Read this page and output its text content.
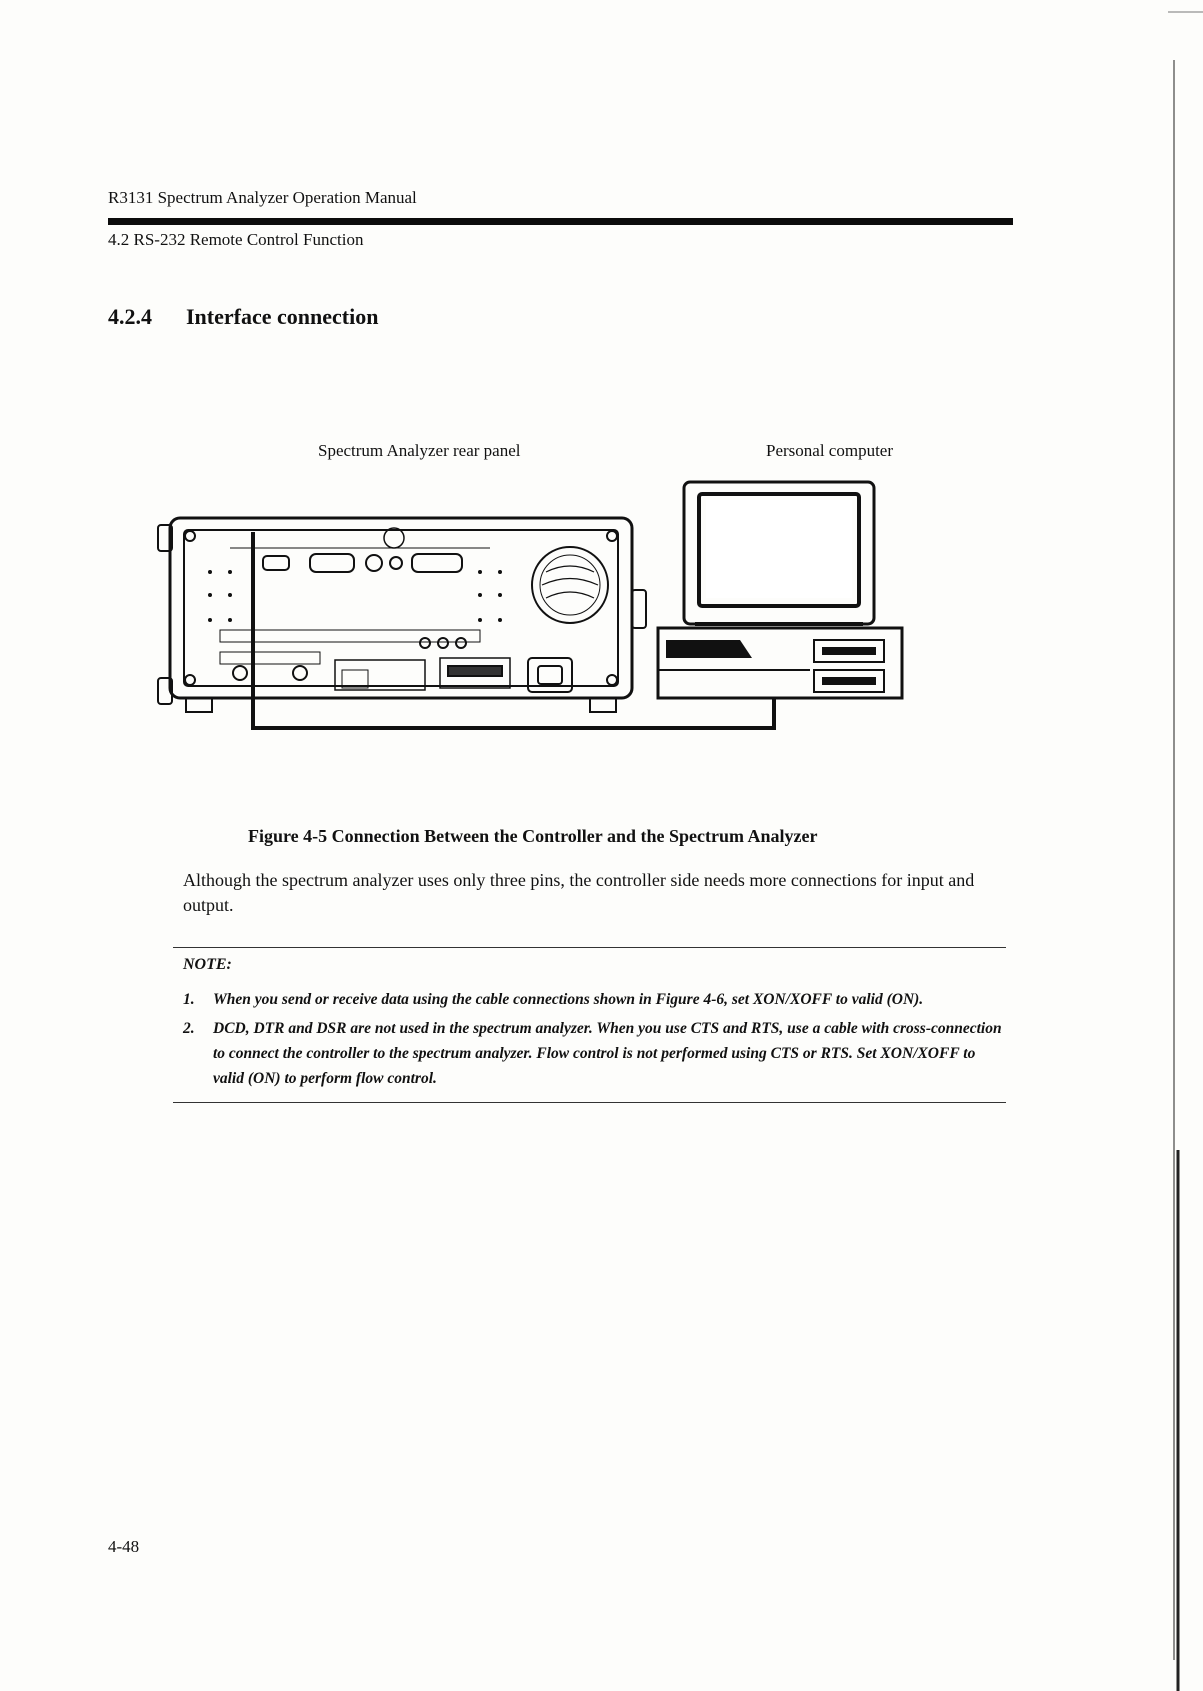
R3131 Spectrum Analyzer Operation Manual
4.2 RS-232 Remote Control Function
4.2.4 Interface connection
Spectrum Analyzer rear panel	Personal computer
Figure 4-5 Connection Between the Controller and the Spectrum Analyzer
Although the spectrum analyzer uses only three pins, the controller side needs more connections for input and output.
NOTE:
1. When you send or receive data using the cable connections shown in Figure 4-6, set XON/XOFF to valid (ON).
2. DCD, DTR and DSR are not used in the spectrum analyzer. When you use CTS and RTS, use a cable with cross-connection to connect the controller to the spectrum analyzer. Flow control is not performed using CTS or RTS. Set XON/XOFF to valid (ON) to perform flow control.
4-48
